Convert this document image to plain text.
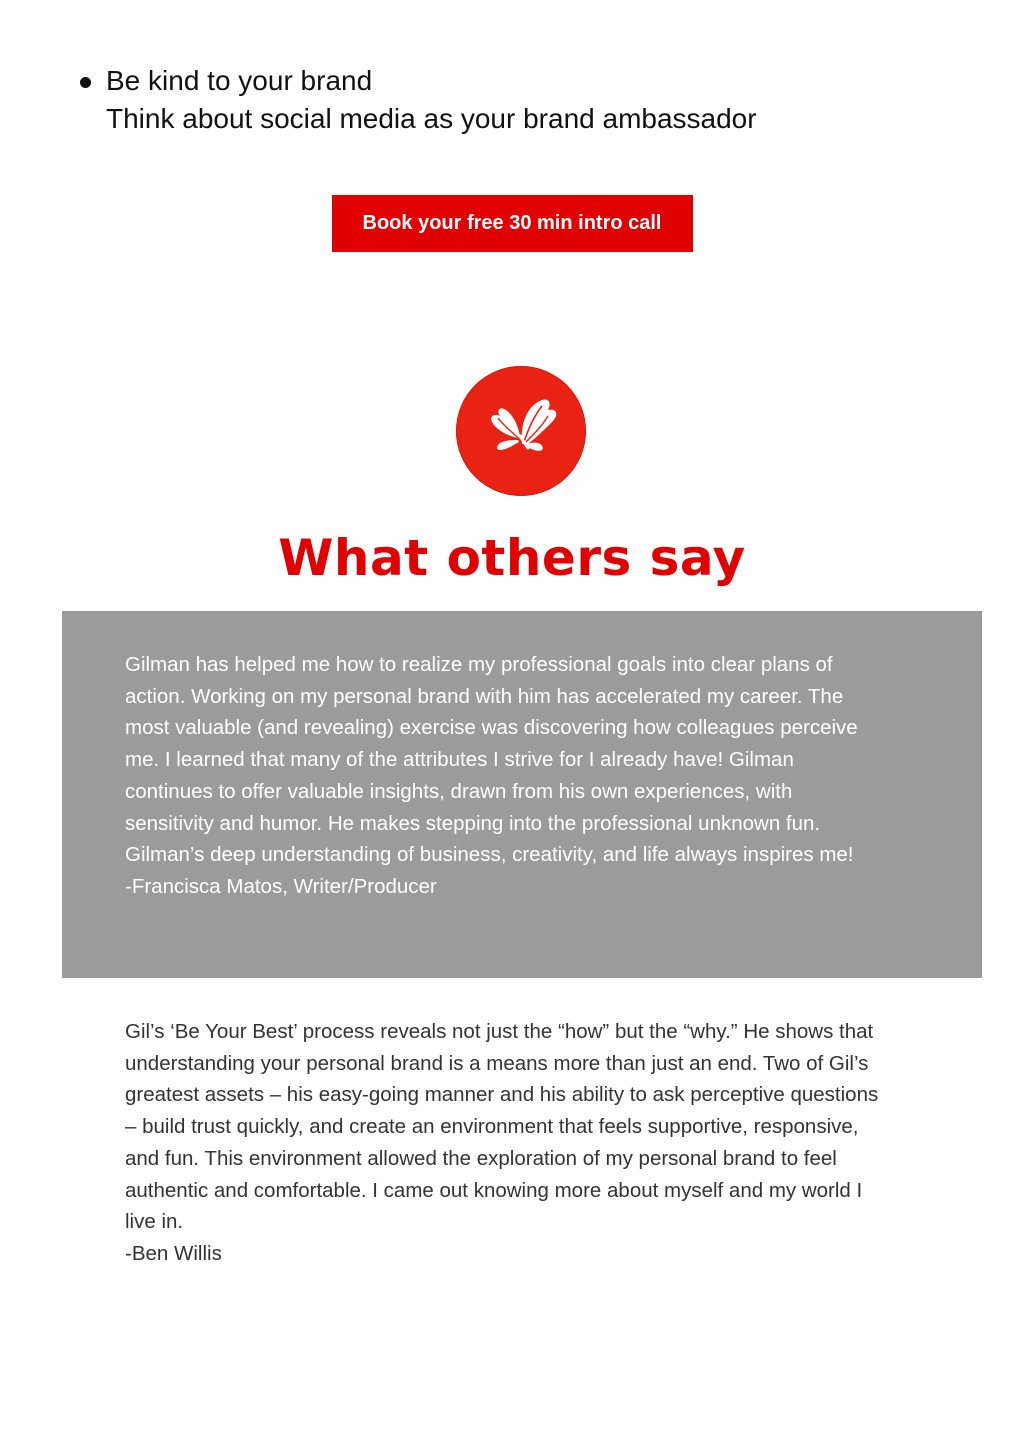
Be kind to your brand
Think about social media as your brand ambassador
Book your free 30 min intro call
What others say
Gilman has helped me how to realize my professional goals into clear plans of
action. Working on my personal brand with him has accelerated my career. The
most valuable (and revealing) exercise was discovering how colleagues perceive
me. I learned that many of the attributes I strive for I already have! Gilman
continues to offer valuable insights, drawn from his own experiences, with
sensitivity and humor. He makes stepping into the professional unknown fun.
Gilman’s deep understanding of business, creativity, and life always inspires me!
-Francisca Matos, Writer/Producer
Gil’s ‘Be Your Best’ process reveals not just the “how” but the “why.” He shows that
understanding your personal brand is a means more than just an end. Two of Gil’s
greatest assets – his easy-going manner and his ability to ask perceptive questions
– build trust quickly, and create an environment that feels supportive, responsive,
and fun. This environment allowed the exploration of my personal brand to feel
authentic and comfortable. I came out knowing more about myself and my world I
live in.
-Ben Willis
